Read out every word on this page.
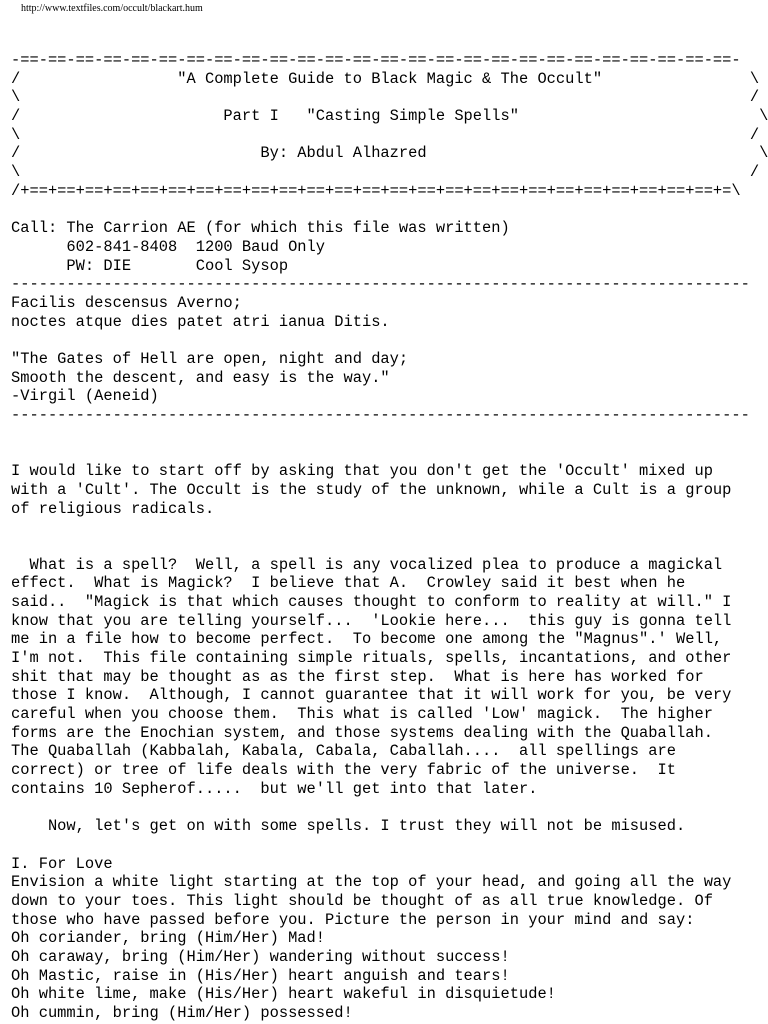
http://www.textfiles.com/occult/blackart.hum
-==-==-==-==-==-==-==-==-==-==-==-==-==-==-==-==-==-==-==-==-==-==-==-==-==-==-
/                 "A Complete Guide to Black Magic & The Occult"                \
\                                                                               /
/                      Part I   "Casting Simple Spells"                          \
\                                                                               /
/                          By: Abdul Alhazred                                    \
\                                                                               /
/+==+==+==+==+==+==+==+==+==+==+==+==+==+==+==+==+==+==+==+==+==+==+==+==+==+=\
Call: The Carrion AE (for which this file was written)
602-841-8408  1200 Baud Only
PW: DIE       Cool Sysop
--------------------------------------------------------------------------------
Facilis descensus Averno;
noctes atque dies patet atri ianua Ditis.
"The Gates of Hell are open, night and day;
Smooth the descent, and easy is the way."
-Virgil (Aeneid)
--------------------------------------------------------------------------------
I would like to start off by asking that you don't get the 'Occult' mixed up
with a 'Cult'. The Occult is the study of the unknown, while a Cult is a group
of religious radicals.
What is a spell?  Well, a spell is any vocalized plea to produce a magickal
effect.  What is Magick?  I believe that A.  Crowley said it best when he
said..  "Magick is that which causes thought to conform to reality at will." I
know that you are telling yourself...  'Lookie here...  this guy is gonna tell
me in a file how to become perfect.  To become one among the "Magnus".' Well,
I'm not.  This file containing simple rituals, spells, incantations, and other
shit that may be thought as as the first step.  What is here has worked for
those I know.  Although, I cannot guarantee that it will work for you, be very
careful when you choose them.  This what is called 'Low' magick.  The higher
forms are the Enochian system, and those systems dealing with the Quaballah.
The Quaballah (Kabbalah, Kabala, Cabala, Caballah....  all spellings are
correct) or tree of life deals with the very fabric of the universe.  It
contains 10 Sepherof.....  but we'll get into that later.
Now, let's get on with some spells. I trust they will not be misused.
I. For Love
Envision a white light starting at the top of your head, and going all the way
down to your toes. This light should be thought of as all true knowledge. Of
those who have passed before you. Picture the person in your mind and say:
Oh coriander, bring (Him/Her) Mad!
Oh caraway, bring (Him/Her) wandering without success!
Oh Mastic, raise in (His/Her) heart anguish and tears!
Oh white lime, make (His/Her) heart wakeful in disquietude!
Oh cummin, bring (Him/Her) possessed!
